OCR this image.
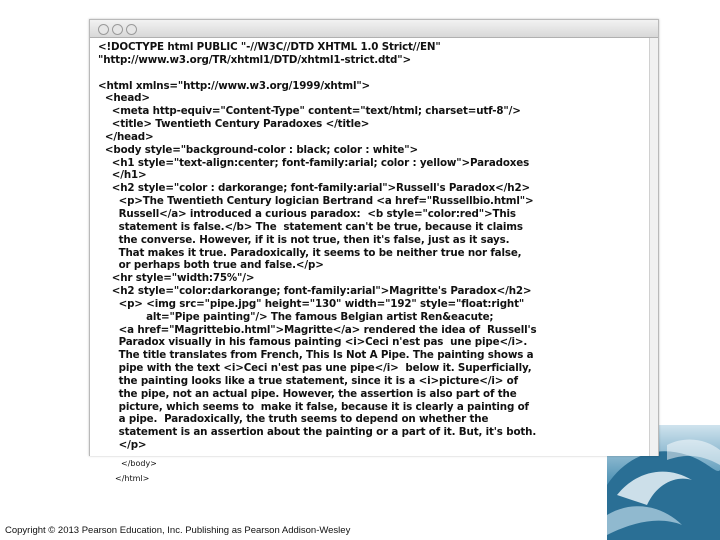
<!DOCTYPE html PUBLIC "-//W3C//DTD XHTML 1.0 Strict//EN"
"http://www.w3.org/TR/xhtml1/DTD/xhtml1-strict.dtd">
<html xmlns="http://www.w3.org/1999/xhtml">
<head>
<meta http-equiv="Content-Type" content="text/html; charset=utf-8"/>
<title> Twentieth Century Paradoxes </title>
</head>
<body style="background-color : black; color : white">
<h1 style="text-align:center; font-family:arial; color : yellow">Paradoxes
</h1>
<h2 style="color : darkorange; font-family:arial">Russell's Paradox</h2>
<p>The Twentieth Century logician Bertrand <a href="Russellbio.html">
Russell</a> introduced a curious paradox:  <b style="color:red">This
statement is false.</b> The  statement can't be true, because it claims
the converse. However, if it is not true, then it's false, just as it says.
That makes it true. Paradoxically, it seems to be neither true nor false,
or perhaps both true and false.</p>
<hr style="width:75%"/>
<h2 style="color:darkorange; font-family:arial">Magritte's Paradox</h2>
<p> <img src="pipe.jpg" height="130" width="192" style="float:right"
alt="Pipe painting"/> The famous Belgian artist Ren&eacute;
<a href="Magrittebio.html">Magritte</a> rendered the idea of  Russell's
Paradox visually in his famous painting <i>Ceci n'est pas  une pipe</i>.
The title translates from French, This Is Not A Pipe. The painting shows a
pipe with the text <i>Ceci n'est pas une pipe</i>  below it. Superficially,
the painting looks like a true statement, since it is a <i>picture</i> of
the pipe, not an actual pipe. However, the assertion is also part of the
picture, which seems to  make it false, because it is clearly a painting of
a pipe.  Paradoxically, the truth seems to depend on whether the
statement is an assertion about the painting or a part of it. But, it's both.
</p>
</body>
</html>
Copyright © 2013 Pearson Education, Inc. Publishing as Pearson Addison-Wesley
